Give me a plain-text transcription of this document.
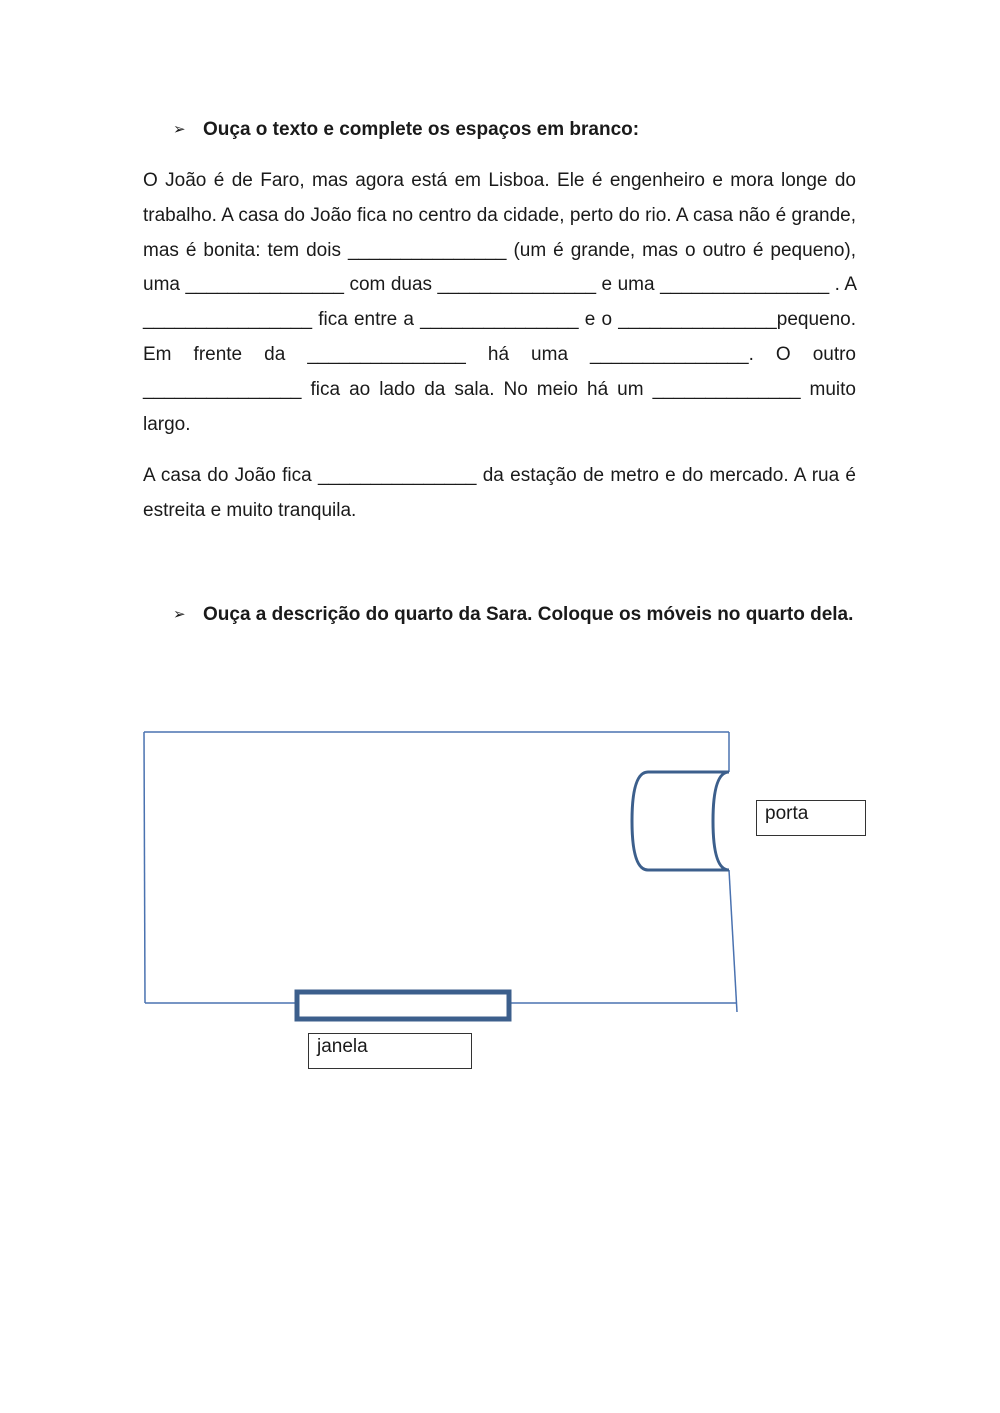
➢ Ouça o texto e complete os espaços em branco:

O João é de Faro, mas agora está em Lisboa. Ele é engenheiro e mora longe do trabalho. A casa do João fica no centro da cidade, perto do rio. A casa não é grande, mas é bonita: tem dois _______________ (um é grande, mas o outro é pequeno), uma _______________ com duas _______________ e uma ________________ . A ________________ fica entre a _______________ e o _______________pequeno. Em frente da _______________ há uma _______________. O outro _______________ fica ao lado da sala. No meio há um ______________ muito largo.

A casa do João fica _______________ da estação de metro e do mercado. A rua é estreita e muito tranquila.

➢ Ouça a descrição do quarto da Sara. Coloque os móveis no quarto dela.
porta
janela
